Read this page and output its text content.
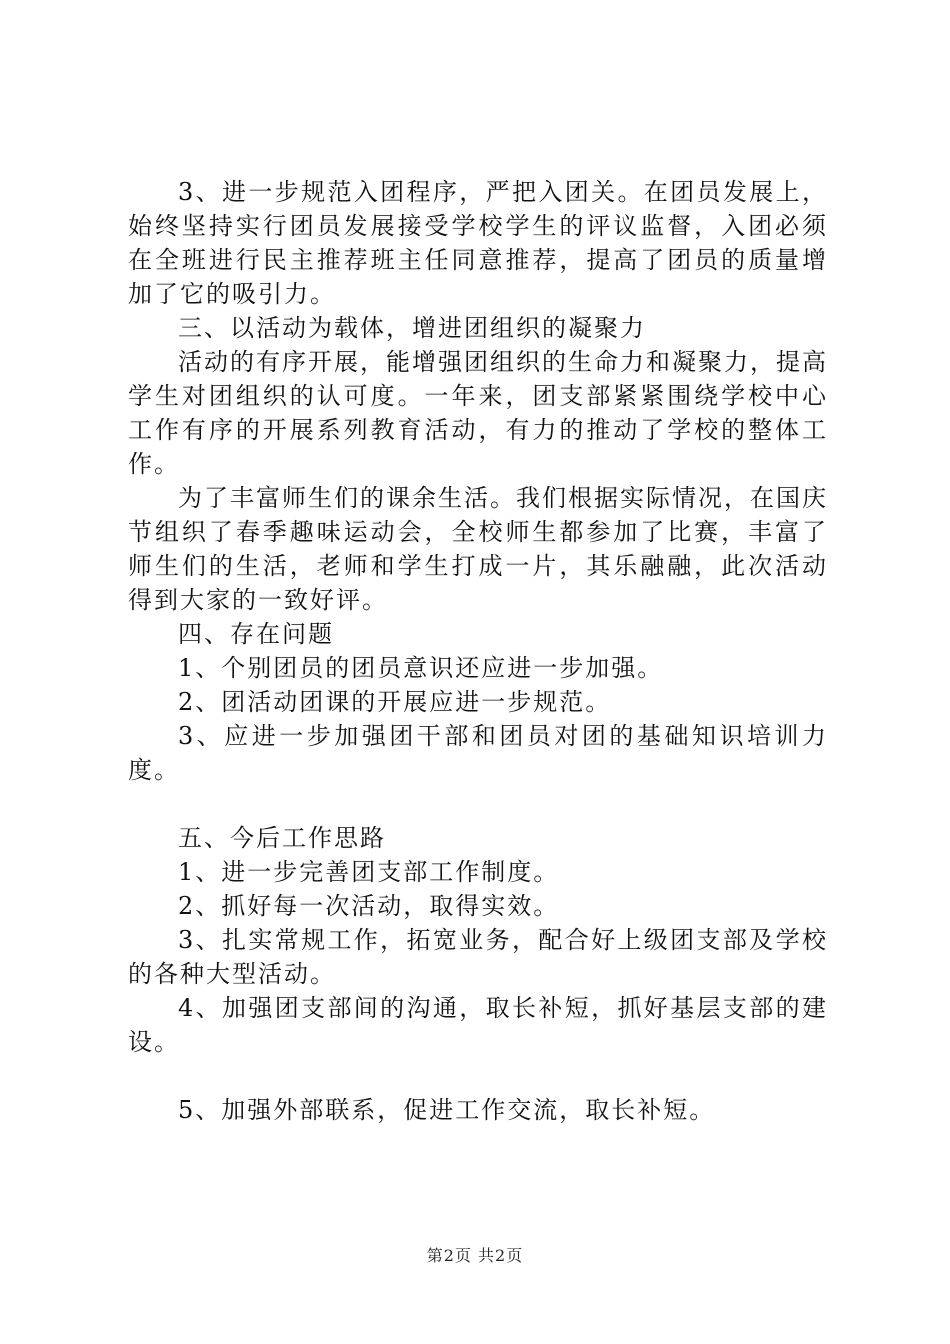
3、进一步规范入团程序，严把入团关。在团员发展上，始终坚持实行团员发展接受学校学生的评议监督，入团必须在全班进行民主推荐班主任同意推荐，提高了团员的质量增加了它的吸引力。

三、以活动为载体，增进团组织的凝聚力

活动的有序开展，能增强团组织的生命力和凝聚力，提高学生对团组织的认可度。一年来，团支部紧紧围绕学校中心工作有序的开展系列教育活动，有力的推动了学校的整体工作。

为了丰富师生们的课余生活。我们根据实际情况，在国庆节组织了春季趣味运动会，全校师生都参加了比赛，丰富了师生们的生活，老师和学生打成一片，其乐融融，此次活动得到大家的一致好评。

四、存在问题

1、个别团员的团员意识还应进一步加强。

2、团活动团课的开展应进一步规范。

3、应进一步加强团干部和团员对团的基础知识培训力度。

五、今后工作思路

1、进一步完善团支部工作制度。

2、抓好每一次活动，取得实效。

3、扎实常规工作，拓宽业务，配合好上级团支部及学校的各种大型活动。

4、加强团支部间的沟通，取长补短，抓好基层支部的建设。

5、加强外部联系，促进工作交流，取长补短。

第2页 共2页
